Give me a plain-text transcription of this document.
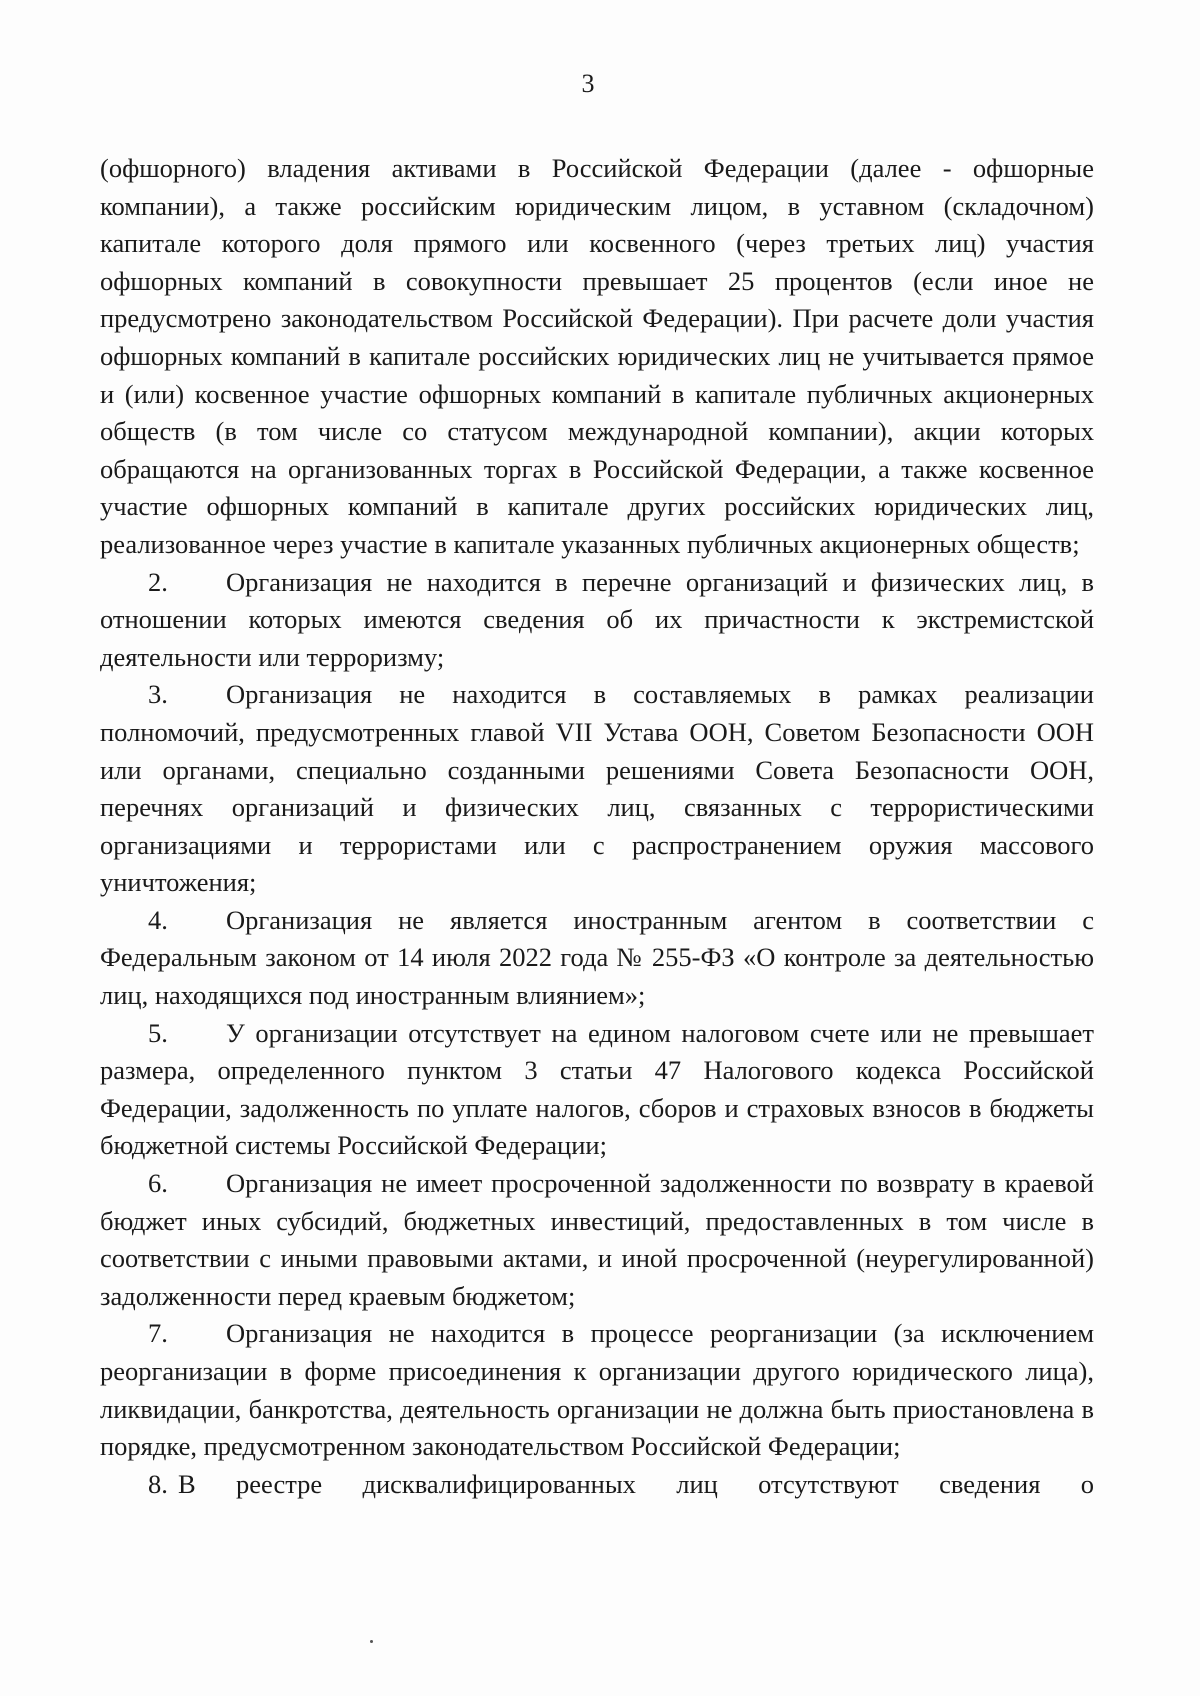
3

(офшорного) владения активами в Российской Федерации (далее - офшорные компании), а также российским юридическим лицом, в уставном (складочном) капитале которого доля прямого или косвенного (через третьих лиц) участия офшорных компаний в совокупности превышает 25 процентов (если иное не предусмотрено законодательством Российской Федерации). При расчете доли участия офшорных компаний в капитале российских юридических лиц не учитывается прямое и (или) косвенное участие офшорных компаний в капитале публичных акционерных обществ (в том числе со статусом международной компании), акции которых обращаются на организованных торгах в Российской Федерации, а также косвенное участие офшорных компаний в капитале других российских юридических лиц, реализованное через участие в капитале указанных публичных акционерных обществ;

2. Организация не находится в перечне организаций и физических лиц, в отношении которых имеются сведения об их причастности к экстремистской деятельности или терроризму;

3. Организация не находится в составляемых в рамках реализации полномочий, предусмотренных главой VII Устава ООН, Советом Безопасности ООН или органами, специально созданными решениями Совета Безопасности ООН, перечнях организаций и физических лиц, связанных с террористическими организациями и террористами или с распространением оружия массового уничтожения;

4. Организация не является иностранным агентом в соответствии с Федеральным законом от 14 июля 2022 года № 255-ФЗ «О контроле за деятельностью лиц, находящихся под иностранным влиянием»;

5. У организации отсутствует на едином налоговом счете или не превышает размера, определенного пунктом 3 статьи 47 Налогового кодекса Российской Федерации, задолженность по уплате налогов, сборов и страховых взносов в бюджеты бюджетной системы Российской Федерации;

6. Организация не имеет просроченной задолженности по возврату в краевой бюджет иных субсидий, бюджетных инвестиций, предоставленных в том числе в соответствии с иными правовыми актами, и иной просроченной (неурегулированной) задолженности перед краевым бюджетом;

7. Организация не находится в процессе реорганизации (за исключением реорганизации в форме присоединения к организации другого юридического лица), ликвидации, банкротства, деятельность организации не должна быть приостановлена в порядке, предусмотренном законодательством Российской Федерации;

8. В реестре дисквалифицированных лиц отсутствуют сведения о
